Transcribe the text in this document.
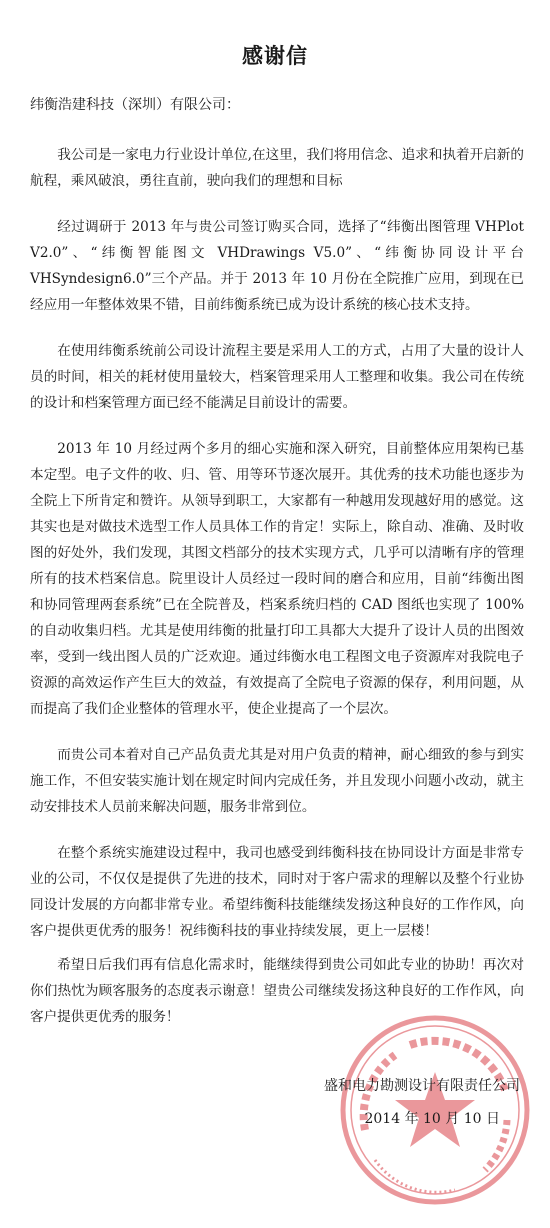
感谢信
纬衡浩建科技（深圳）有限公司：

我公司是一家电力行业设计单位,在这里，我们将用信念、追求和执着开启新的航程，乘风破浪，勇往直前，驶向我们的理想和目标

经过调研于 2013 年与贵公司签订购买合同，选择了“纬衡出图管理 VHPlot V2.0”、“纬衡智能图文 VHDrawings V5.0”、“纬衡协同设计平台 VHSyndesign6.0”三个产品。并于 2013 年 10 月份在全院推广应用，到现在已经应用一年整体效果不错，目前纬衡系统已成为设计系统的核心技术支持。

在使用纬衡系统前公司设计流程主要是采用人工的方式，占用了大量的设计人员的时间，相关的耗材使用量较大，档案管理采用人工整理和收集。我公司在传统的设计和档案管理方面已经不能满足目前设计的需要。

2013 年 10 月经过两个多月的细心实施和深入研究，目前整体应用架构已基本定型。电子文件的收、归、管、用等环节逐次展开。其优秀的技术功能也逐步为全院上下所肯定和赞许。从领导到职工，大家都有一种越用发现越好用的感觉。这其实也是对做技术选型工作人员具体工作的肯定！实际上，除自动、准确、及时收图的好处外，我们发现，其图文档部分的技术实现方式，几乎可以清晰有序的管理所有的技术档案信息。院里设计人员经过一段时间的磨合和应用，目前“纬衡出图和协同管理两套系统”已在全院普及，档案系统归档的 CAD 图纸也实现了 100%的自动收集归档。尤其是使用纬衡的批量打印工具都大大提升了设计人员的出图效率，受到一线出图人员的广泛欢迎。通过纬衡水电工程图文电子资源库对我院电子资源的高效运作产生巨大的效益，有效提高了全院电子资源的保存，利用问题，从而提高了我们企业整体的管理水平，使企业提高了一个层次。

而贵公司本着对自己产品负责尤其是对用户负责的精神，耐心细致的参与到实施工作，不但安装实施计划在规定时间内完成任务，并且发现小问题小改动，就主动安排技术人员前来解决问题，服务非常到位。

在整个系统实施建设过程中，我司也感受到纬衡科技在协同设计方面是非常专业的公司，不仅仅是提供了先进的技术，同时对于客户需求的理解以及整个行业协同设计发展的方向都非常专业。希望纬衡科技能继续发扬这种良好的工作作风，向客户提供更优秀的服务！祝纬衡科技的事业持续发展，更上一层楼！

希望日后我们再有信息化需求时，能继续得到贵公司如此专业的协助！再次对你们热忱为顾客服务的态度表示谢意！望贵公司继续发扬这种良好的工作作风，向客户提供更优秀的服务！

盛和电力勘测设计有限责任公司
2014 年 10 月 10 日
